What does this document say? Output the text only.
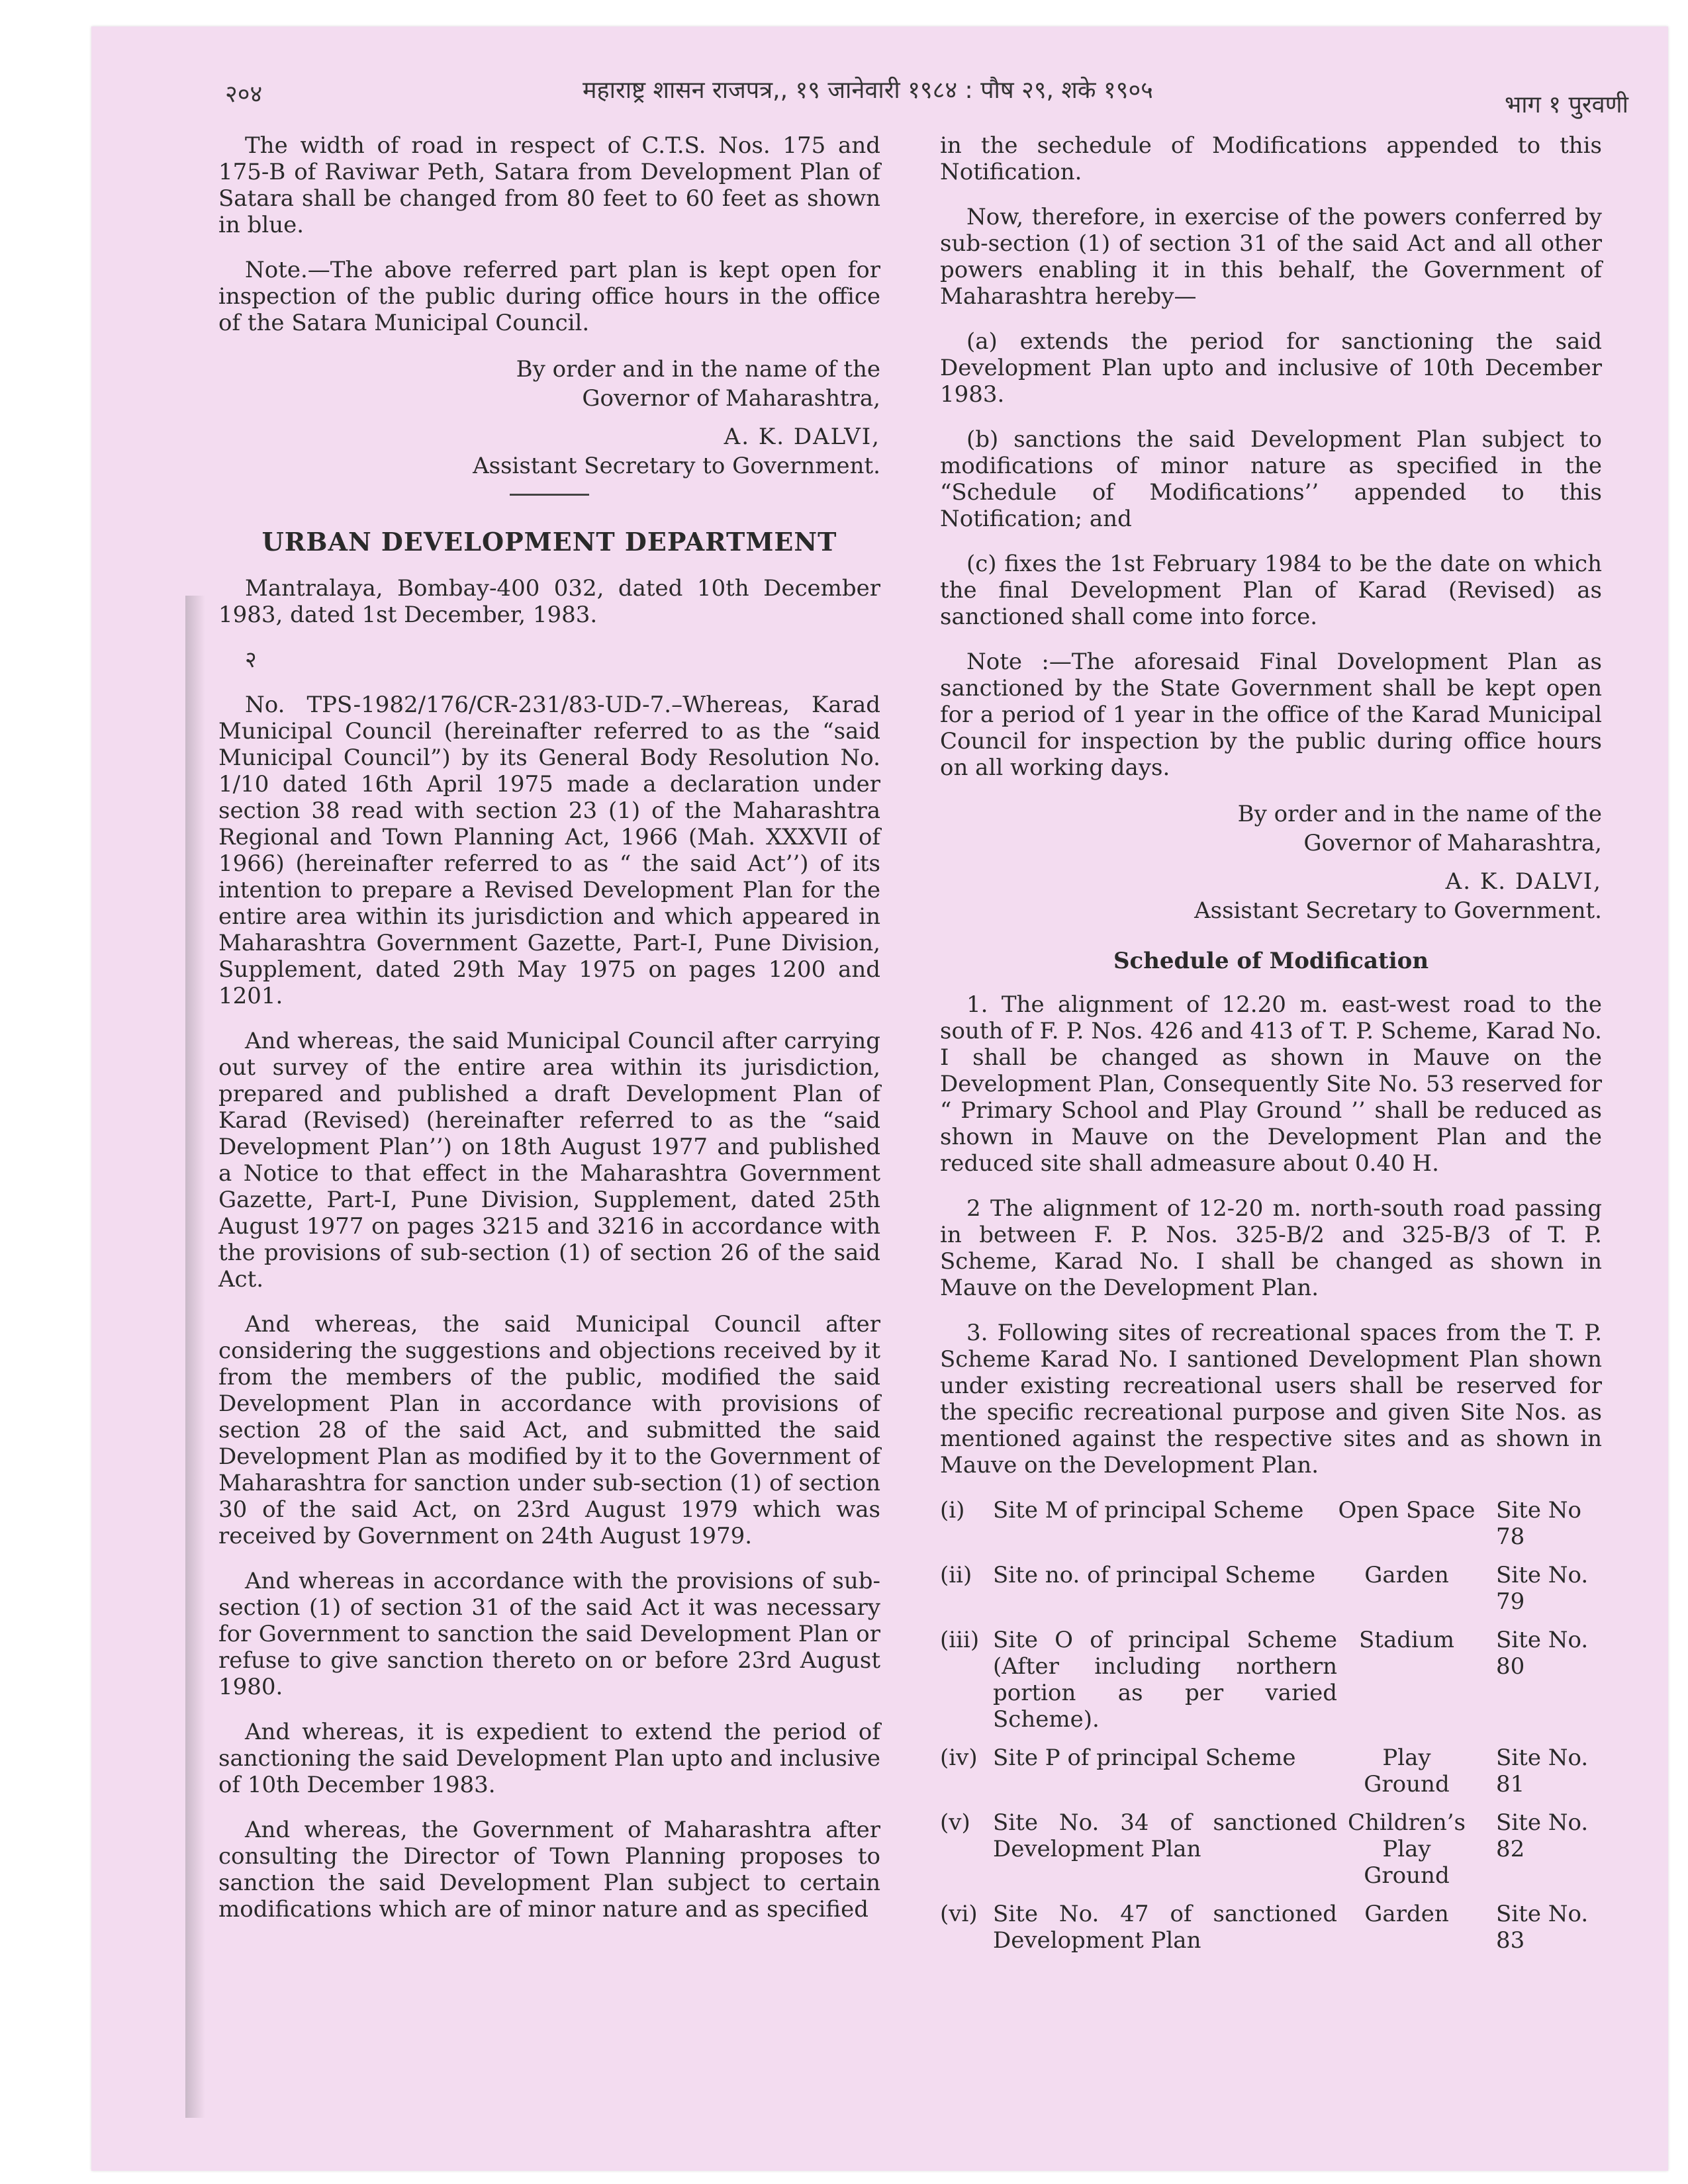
२०४	महाराष्ट्र शासन राजपत्र,, १९ जानेवारी १९८४ : पौष २९, शके १९०५
भाग १ पुरवणी

The width of road in respect of C.T.S. Nos. 175 and 175-B of Raviwar Peth, Satara from Development Plan of Satara shall be changed from 80 feet to 60 feet as shown in blue.

Note.—The above referred part plan is kept open for inspection of the public during office hours in the office of the Satara Municipal Council.

By order and in the name of the
Governor of Maharashtra,
A. K. DALVI,
Assistant Secretary to Government.
URBAN DEVELOPMENT DEPARTMENT

Mantralaya, Bombay-400 032, dated 10th December 1983, dated 1st December, 1983.

२

No. TPS-1982/176/CR-231/83-UD-7.–Whereas, Karad Municipal Council (hereinafter referred to as the “said Municipal Council”) by its General Body Resolution No. 1/10 dated 16th April 1975 made a declaration under section 38 read with section 23 (1) of the Maharashtra Regional and Town Planning Act, 1966 (Mah. XXXVII of 1966) (hereinafter referred to as “ the said Act’’) of its intention to prepare a Revised Development Plan for the entire area within its jurisdiction and which appeared in Maharashtra Government Gazette, Part-I, Pune Division, Supplement, dated 29th May 1975 on pages 1200 and 1201.

And whereas, the said Municipal Council after carrying out survey of the entire area within its jurisdiction, prepared and published a draft Development Plan of Karad (Revised) (hereinafter referred to as the “said Development Plan’’) on 18th August 1977 and published a Notice to that effect in the Maharashtra Government Gazette, Part-I, Pune Division, Supplement, dated 25th August 1977 on pages 3215 and 3216 in accordance with the provisions of sub-section (1) of section 26 of the said Act.

And whereas, the said Municipal Council after considering the suggestions and objections received by it from the members of the public, modified the said Development Plan in accordance with provisions of section 28 of the said Act, and submitted the said Development Plan as modified by it to the Government of Maharashtra for sanction under sub-section (1) of section 30 of the said Act, on 23rd August 1979 which was received by Government on 24th August 1979.

And whereas in accordance with the provisions of sub-section (1) of section 31 of the said Act it was necessary for Government to sanction the said Development Plan or refuse to give sanction thereto on or before 23rd August 1980.

And whereas, it is expedient to extend the period of sanctioning the said Development Plan upto and inclusive of 10th December 1983.

And whereas, the Government of Maharashtra after consulting the Director of Town Planning proposes to sanction the said Development Plan subject to certain modifications which are of minor nature and as specified

in the sechedule of Modifications appended to this Notification.

Now, therefore, in exercise of the powers conferred by sub-section (1) of section 31 of the said Act and all other powers enabling it in this behalf, the Government of Maharashtra hereby—

(a) extends the period for sanctioning the said Development Plan upto and inclusive of 10th December 1983.

(b) sanctions the said Development Plan subject to modifications of minor nature as specified in the “Schedule of Modifications’’ appended to this Notification; and

(c) fixes the 1st February 1984 to be the date on which the final Development Plan of Karad (Revised) as sanctioned shall come into force.

Note :—The aforesaid Final Dovelopment Plan as sanctioned by the State Government shall be kept open for a period of 1 year in the office of the Karad Municipal Council for inspection by the public during office hours on all working days.

By order and in the name of the
Governor of Maharashtra,
A. K. DALVI,
Assistant Secretary to Government.
Schedule of Modification

1. The alignment of 12.20 m. east-west road to the south of F. P. Nos. 426 and 413 of T. P. Scheme, Karad No. I shall be changed as shown in Mauve on the Development Plan, Consequently Site No. 53 reserved for “ Primary School and Play Ground ’’ shall be reduced as shown in Mauve on the Development Plan and the reduced site shall admeasure about 0.40 H.

2 The alignment of 12-20 m. north-south road passing in between F. P. Nos. 325-B/2 and 325-B/3 of T. P. Scheme, Karad No. I shall be changed as shown in Mauve on the Development Plan.

3. Following sites of recreational spaces from the T. P. Scheme Karad No. I santioned Development Plan shown under existing recreational users shall be reserved for the specific recreational purpose and given Site Nos. as mentioned against the respective sites and as shown in Mauve on the Development Plan.

(i)	Site M of principal Scheme	Open Space	Site No 78
(ii)	Site no. of principal Scheme	Garden	Site No. 79
(iii)	Site O of principal Scheme (After including northern portion as per varied Scheme).	Stadium	Site No. 80
(iv)	Site P of principal Scheme	Play Ground	Site No. 81
(v)	Site No. 34 of sanctioned Development Plan	Children’s Play Ground	Site No. 82
(vi)	Site No. 47 of sanctioned Development Plan	Garden	Site No. 83
